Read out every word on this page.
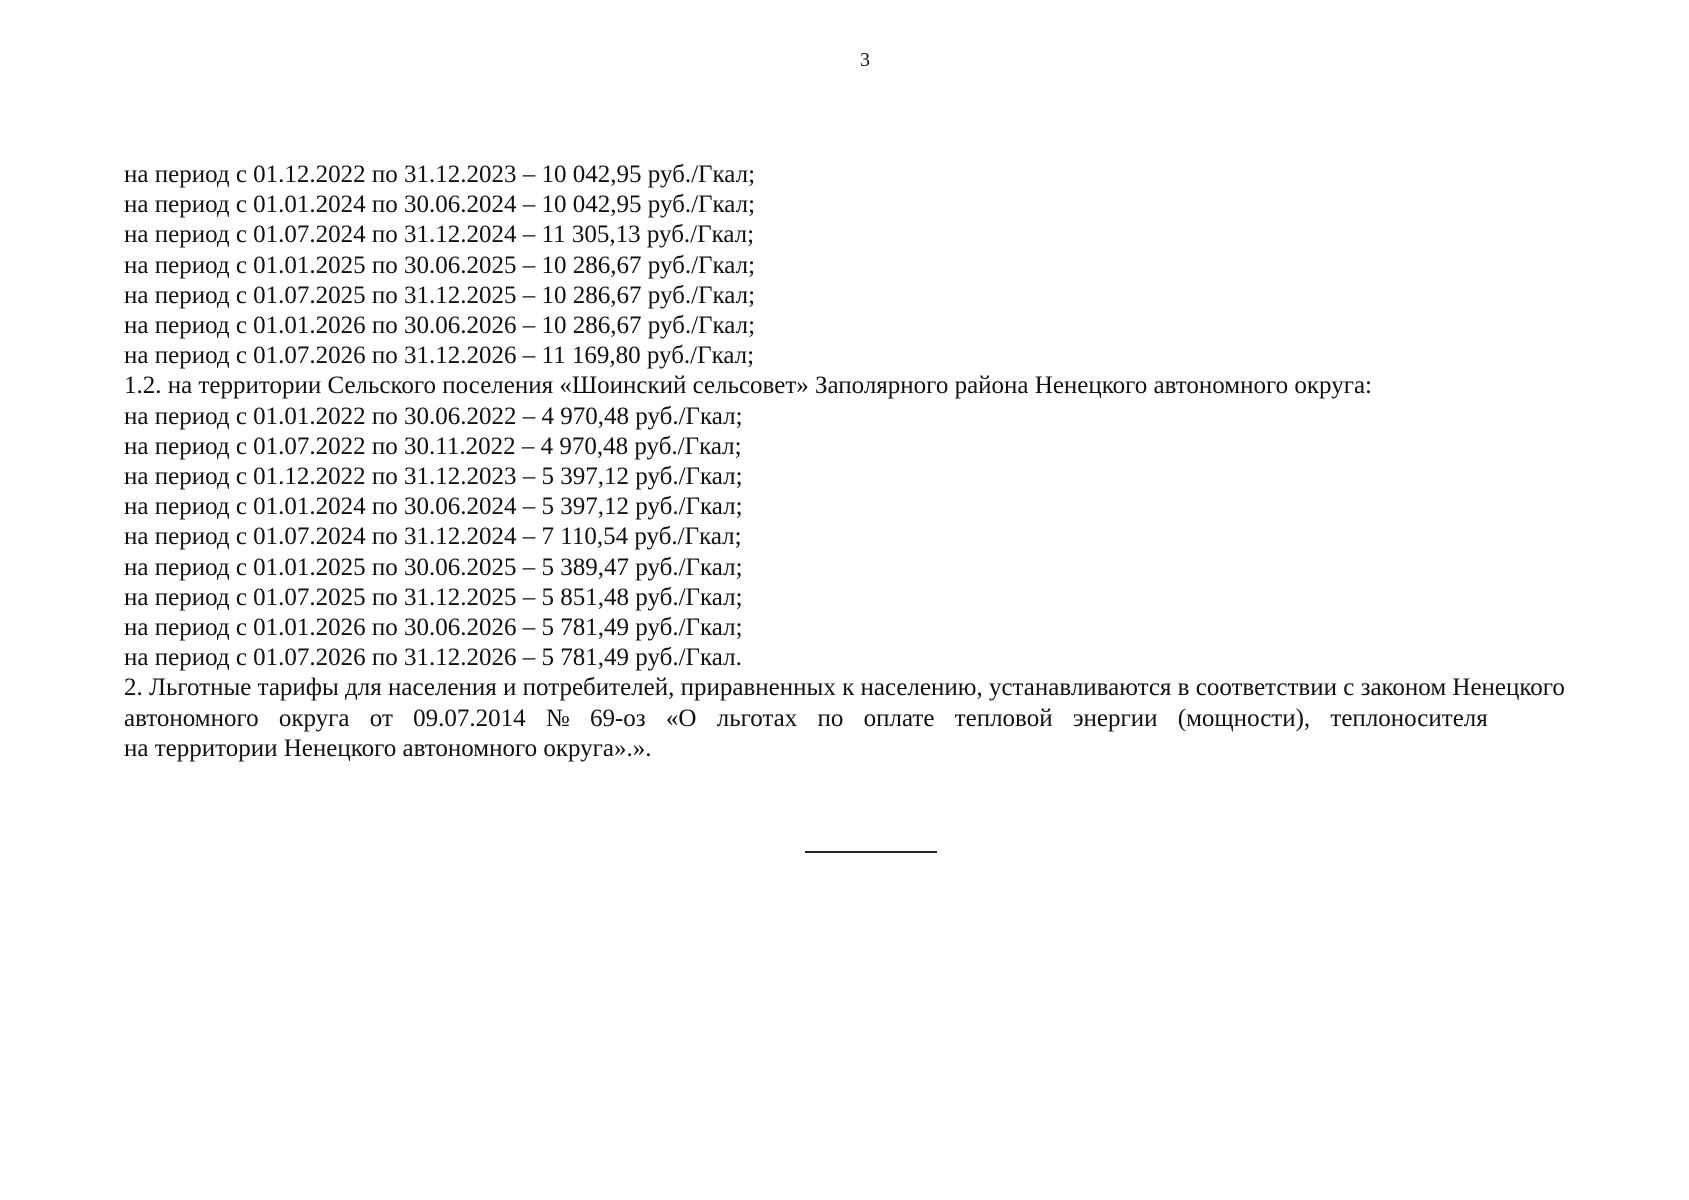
3
на период с 01.12.2022 по 31.12.2023 – 10 042,95 руб./Гкал;
на период с 01.01.2024 по 30.06.2024 – 10 042,95 руб./Гкал;
на период с 01.07.2024 по 31.12.2024 – 11 305,13 руб./Гкал;
на период с 01.01.2025 по 30.06.2025 – 10 286,67 руб./Гкал;
на период с 01.07.2025 по 31.12.2025 – 10 286,67 руб./Гкал;
на период с 01.01.2026 по 30.06.2026 – 10 286,67 руб./Гкал;
на период с 01.07.2026 по 31.12.2026 – 11 169,80 руб./Гкал;
1.2. на территории Сельского поселения «Шоинский сельсовет» Заполярного района Ненецкого автономного округа:
на период с 01.01.2022 по 30.06.2022 – 4 970,48 руб./Гкал;
на период с 01.07.2022 по 30.11.2022 – 4 970,48 руб./Гкал;
на период с 01.12.2022 по 31.12.2023 – 5 397,12 руб./Гкал;
на период с 01.01.2024 по 30.06.2024 – 5 397,12 руб./Гкал;
на период с 01.07.2024 по 31.12.2024 – 7 110,54 руб./Гкал;
на период с 01.01.2025 по 30.06.2025 – 5 389,47 руб./Гкал;
на период с 01.07.2025 по 31.12.2025 – 5 851,48 руб./Гкал;
на период с 01.01.2026 по 30.06.2026 – 5 781,49 руб./Гкал;
на период с 01.07.2026 по 31.12.2026 – 5 781,49 руб./Гкал.
2. Льготные тарифы для населения и потребителей, приравненных к населению, устанавливаются в соответствии с законом Ненецкого
автономного округа от 09.07.2014 № 69-оз «О льготах по оплате тепловой энергии (мощности), теплоносителя
на территории Ненецкого автономного округа».».
